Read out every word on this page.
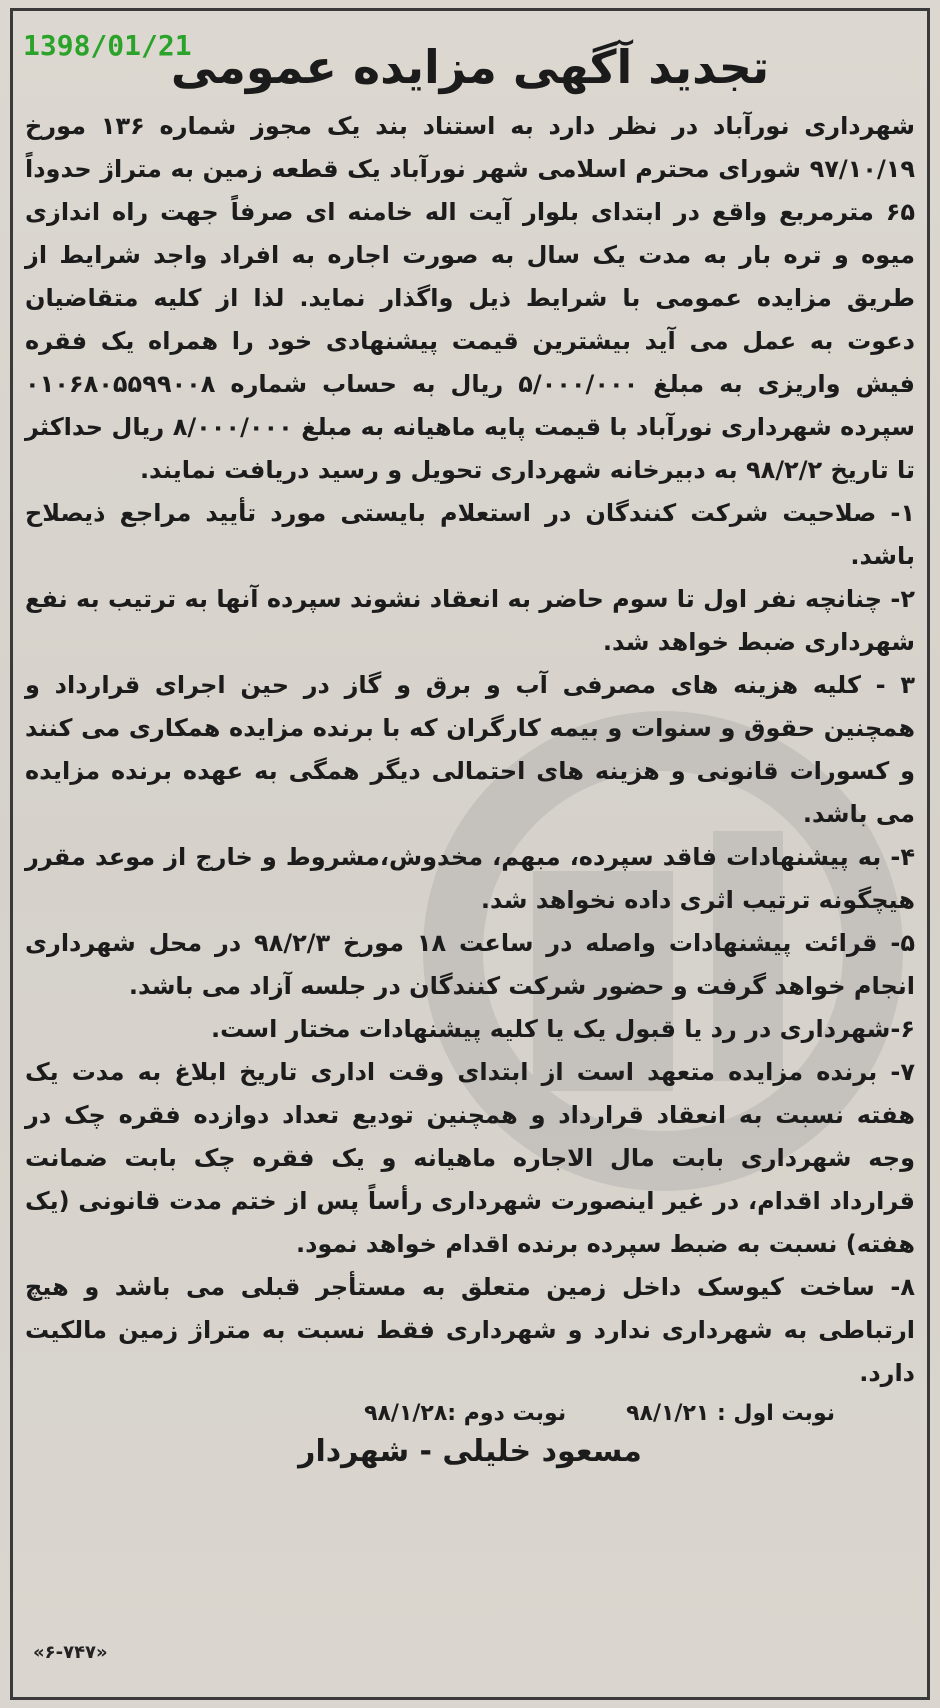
1398/01/21
تجدید آگهی مزایده عمومی

شهرداری نورآباد در نظر دارد به استناد بند یک مجوز شماره ۱۳۶ مورخ ۹۷/۱۰/۱۹ شورای محترم اسلامی شهر نورآباد یک قطعه زمین به متراژ حدوداً ۶۵ مترمربع واقع در ابتدای بلوار آیت اله خامنه ای صرفاً جهت راه اندازی میوه و تره بار به مدت یک سال به صورت اجاره به افراد واجد شرایط از طریق مزایده عمومی با شرایط ذیل واگذار نماید. لذا از کلیه متقاضیان دعوت به عمل می آید بیشترین قیمت پیشنهادی خود را همراه یک فقره فیش واریزی به مبلغ ۵/۰۰۰/۰۰۰ ریال به حساب شماره ۰۱۰۶۸۰۵۵۹۹۰۰۸ سپرده شهرداری نورآباد با قیمت پایه ماهیانه به مبلغ ۸/۰۰۰/۰۰۰ ریال حداکثر تا تاریخ ۹۸/۲/۲ به دبیرخانه شهرداری تحویل و رسید دریافت نمایند.

۱- صلاحیت شرکت کنندگان در استعلام بایستی مورد تأیید مراجع ذیصلاح باشد.

۲- چنانچه نفر اول تا سوم حاضر به انعقاد نشوند سپرده آنها به ترتیب به نفع شهرداری ضبط خواهد شد.

۳ - کلیه هزینه های مصرفی آب و برق و گاز در حین اجرای قرارداد و همچنین حقوق و سنوات و بیمه کارگران که با برنده مزایده همکاری می کنند و کسورات قانونی و هزینه های احتمالی دیگر همگی به عهده برنده مزایده می باشد.

۴- به پیشنهادات فاقد سپرده، مبهم، مخدوش،مشروط و خارج از موعد مقرر هیچگونه ترتیب اثری داده نخواهد شد.

۵- قرائت پیشنهادات واصله در ساعت ۱۸ مورخ ۹۸/۲/۳ در محل شهرداری انجام خواهد گرفت و حضور شرکت کنندگان در جلسه آزاد می باشد.

۶-شهرداری در رد یا قبول یک یا کلیه پیشنهادات مختار است.

۷- برنده مزایده متعهد است از ابتدای وقت اداری تاریخ ابلاغ به مدت یک هفته نسبت به انعقاد قرارداد و همچنین تودیع تعداد دوازده فقره چک در وجه شهرداری بابت مال الاجاره ماهیانه و یک فقره چک بابت ضمانت قرارداد اقدام، در غیر اینصورت شهرداری رأساً پس از ختم مدت قانونی (یک هفته) نسبت به ضبط سپرده برنده اقدام خواهد نمود.

۸- ساخت کیوسک داخل زمین متعلق به مستأجر قبلی می باشد و هیچ ارتباطی به شهرداری ندارد و شهرداری فقط نسبت به متراژ زمین مالکیت دارد.

نوبت اول : ۹۸/۱/۲۱
نوبت دوم :۹۸/۱/۲۸
مسعود خلیلی - شهردار
«۶-۷۴۷»
